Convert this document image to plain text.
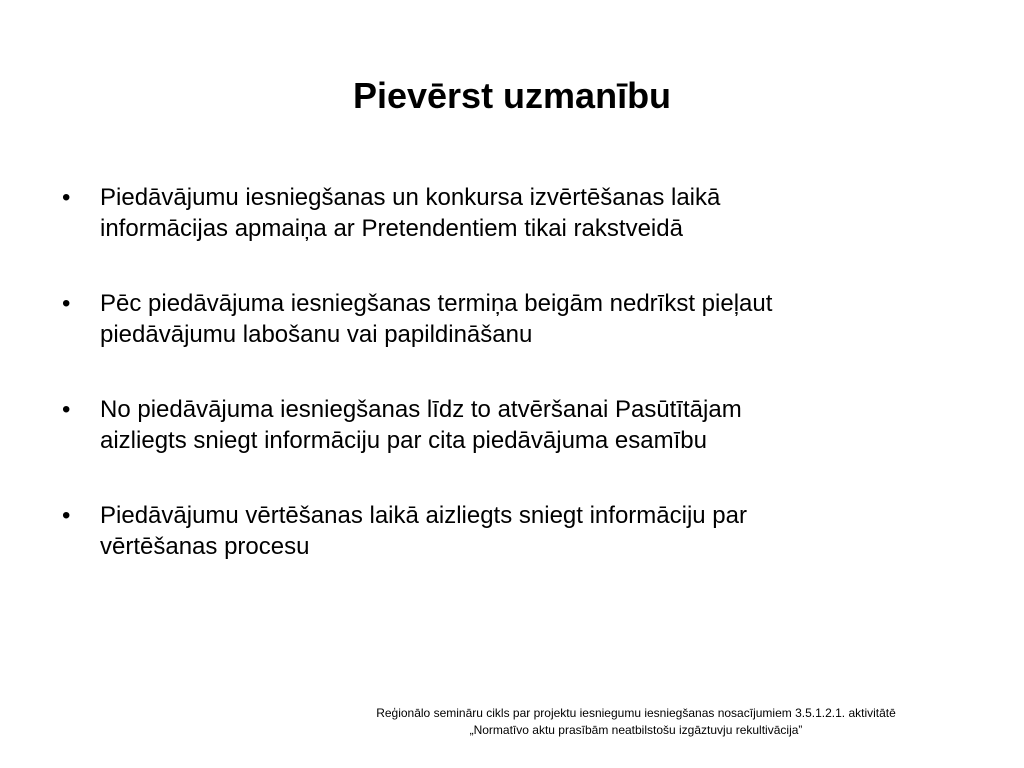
Pievērst uzmanību
•	Piedāvājumu iesniegšanas un konkursa izvērtēšanas laikā
informācijas apmaiņa ar Pretendentiem tikai rakstveidā
•	Pēc piedāvājuma iesniegšanas termiņa beigām nedrīkst pieļaut
piedāvājumu labošanu vai papildināšanu
•	No piedāvājuma iesniegšanas līdz to atvēršanai Pasūtītājam
aizliegts sniegt informāciju par cita piedāvājuma esamību
•	Piedāvājumu vērtēšanas laikā aizliegts sniegt informāciju par
vērtēšanas procesu
Reģionālo semināru cikls par projektu iesniegumu iesniegšanas nosacījumiem 3.5.1.2.1. aktivitātē
„Normatīvo aktu prasībām neatbilstošu izgāztuvju rekultivācija”
